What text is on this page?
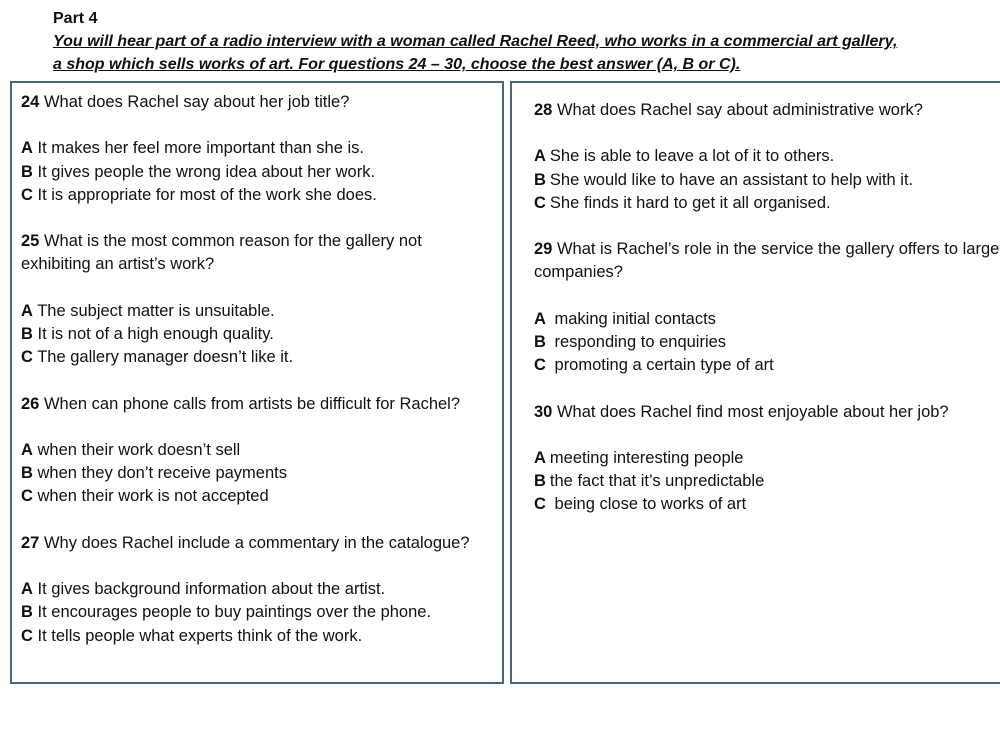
Part 4
You will hear part of a radio interview with a woman called Rachel Reed, who works in a commercial art gallery,
a shop which sells works of art. For questions 24 – 30, choose the best answer (A, B or C).
24 What does Rachel say about her job title?
A It makes her feel more important than she is.
B It gives people the wrong idea about her work.
C It is appropriate for most of the work she does.
25 What is the most common reason for the gallery not exhibiting an artist’s work?
A The subject matter is unsuitable.
B It is not of a high enough quality.
C The gallery manager doesn’t like it.
26 When can phone calls from artists be difficult for Rachel?
A when their work doesn’t sell
B when they don’t receive payments
C when their work is not accepted
27 Why does Rachel include a commentary in the catalogue?
A It gives background information about the artist.
B It encourages people to buy paintings over the phone.
C It tells people what experts think of the work.
28 What does Rachel say about administrative work?
A She is able to leave a lot of it to others.
B She would like to have an assistant to help with it.
C She finds it hard to get it all organised.
29 What is Rachel’s role in the service the gallery offers to large companies?
A making initial contacts
B responding to enquiries
C promoting a certain type of art
30 What does Rachel find most enjoyable about her job?
A meeting interesting people
B the fact that it’s unpredictable
C being close to works of art
